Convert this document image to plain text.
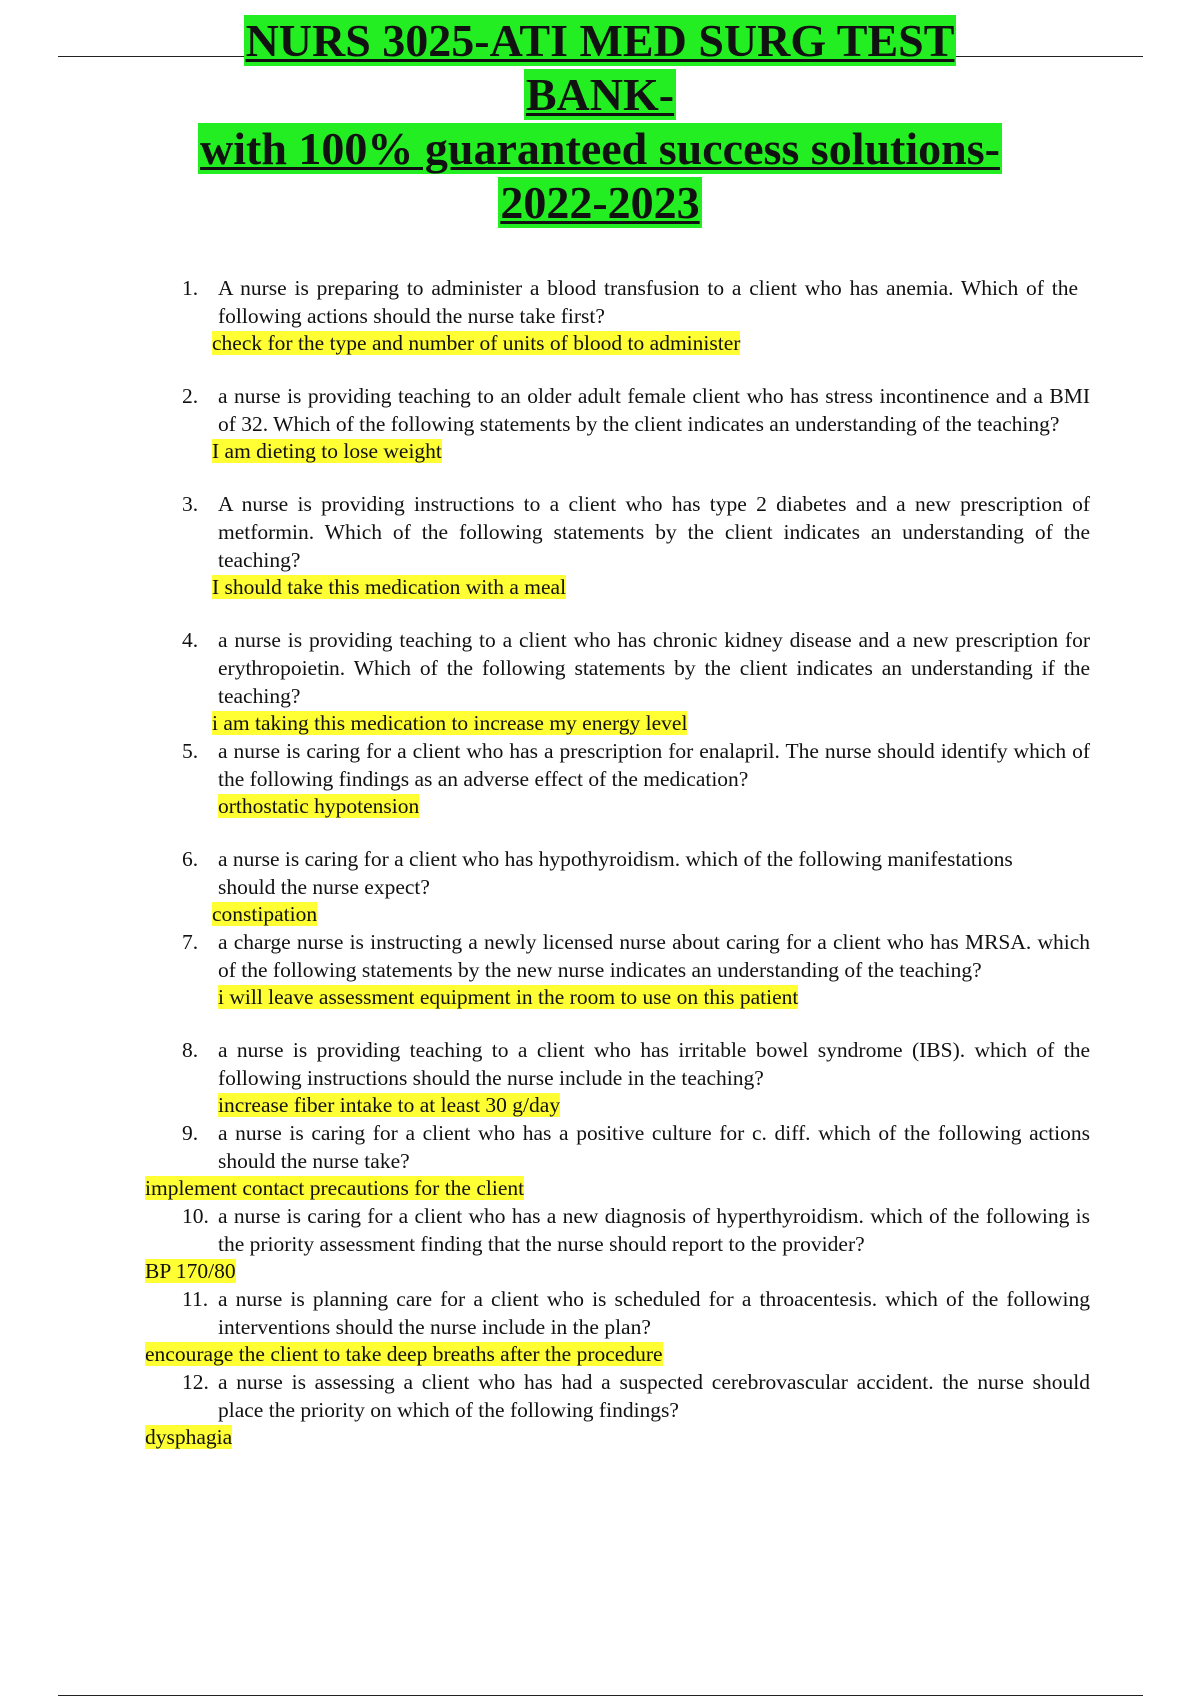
NURS 3025-ATI MED SURG TEST
BANK-
with 100% guaranteed success solutions-
2022-2023
1. A nurse is preparing to administer a blood transfusion to a client who has anemia. Which of the following actions should the nurse take first?
check for the type and number of units of blood to administer
2. a nurse is providing teaching to an older adult female client who has stress incontinence and a BMI of 32. Which of the following statements by the client indicates an understanding of the teaching?
I am dieting to lose weight
3. A nurse is providing instructions to a client who has type 2 diabetes and a new prescription of metformin. Which of the following statements by the client indicates an understanding of the teaching?
I should take this medication with a meal
4. a nurse is providing teaching to a client who has chronic kidney disease and a new prescription for erythropoietin. Which of the following statements by the client indicates an understanding if the teaching?
i am taking this medication to increase my energy level
5. a nurse is caring for a client who has a prescription for enalapril. The nurse should identify which of the following findings as an adverse effect of the medication?
orthostatic hypotension
6. a nurse is caring for a client who has hypothyroidism. which of the following manifestations should the nurse expect?
constipation
7. a charge nurse is instructing a newly licensed nurse about caring for a client who has MRSA. which of the following statements by the new nurse indicates an understanding of the teaching?
i will leave assessment equipment in the room to use on this patient
8. a nurse is providing teaching to a client who has irritable bowel syndrome (IBS). which of the following instructions should the nurse include in the teaching?
increase fiber intake to at least 30 g/day
9. a nurse is caring for a client who has a positive culture for c. diff. which of the following actions should the nurse take?
implement contact precautions for the client
10. a nurse is caring for a client who has a new diagnosis of hyperthyroidism. which of the following is the priority assessment finding that the nurse should report to the provider?
BP 170/80
11. a nurse is planning care for a client who is scheduled for a throacentesis. which of the following interventions should the nurse include in the plan?
encourage the client to take deep breaths after the procedure
12. a nurse is assessing a client who has had a suspected cerebrovascular accident. the nurse should place the priority on which of the following findings?
dysphagia
